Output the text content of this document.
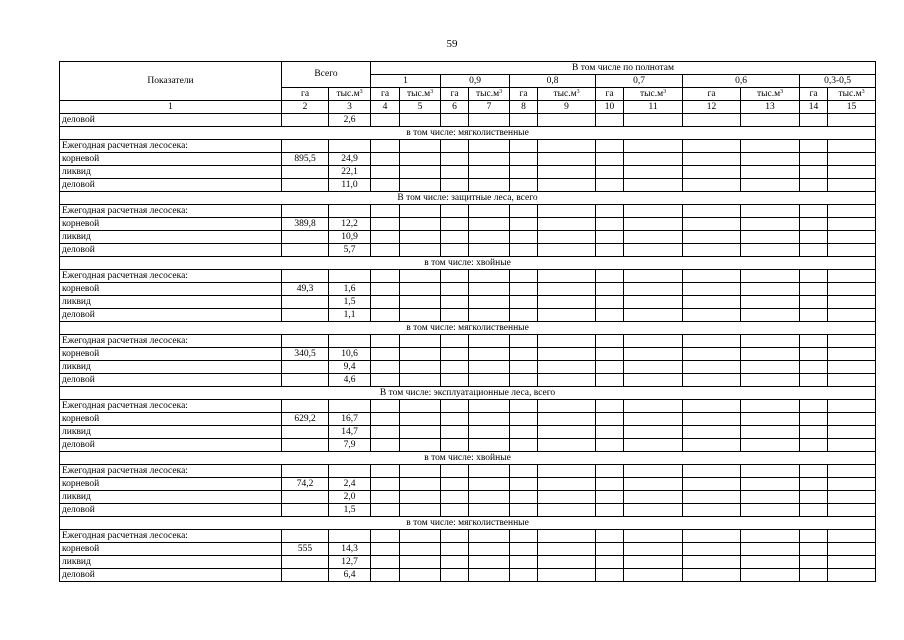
59
Показатели	Всего		В том числе по полнотам											
			1		0,9		0,8		0,7		0,6		0,3-0,5	
	га	$тыс.м^3$	га	$тыс.м^3$	га	$тыс.м^3$	га	$тыс.м^3$	га	$тыс.м^3$	га	$тыс.м^3$	га	$тыс.м^3$
1	2	3	4	5	6	7	8	9	10	11	12	13	14	15
деловой		2,6												
в том числе: мягколиственные														
Ежегодная расчетная лесосека:														
корневой	895,5	24,9												
ликвид		22,1												
деловой		11,0												
В том числе: защитные леса, всего														
Ежегодная расчетная лесосека:														
корневой	389,8	12,2												
ликвид		10,9												
деловой		5,7												
в том числе: хвойные														
Ежегодная расчетная лесосека:														
корневой	49,3	1,6												
ликвид		1,5												
деловой		1,1												
в том числе: мягколиственные														
Ежегодная расчетная лесосека:														
корневой	340,5	10,6												
ликвид		9,4												
деловой		4,6												
В том числе: эксплуатационные леса, всего														
Ежегодная расчетная лесосека:														
корневой	629,2	16,7												
ликвид		14,7												
деловой		7,9												
в том числе: хвойные														
Ежегодная расчетная лесосека:														
корневой	74,2	2,4												
ликвид		2,0												
деловой		1,5												
в том числе: мягколиственные														
Ежегодная расчетная лесосека:														
корневой	555	14,3												
ликвид		12,7												
деловой		6,4												
